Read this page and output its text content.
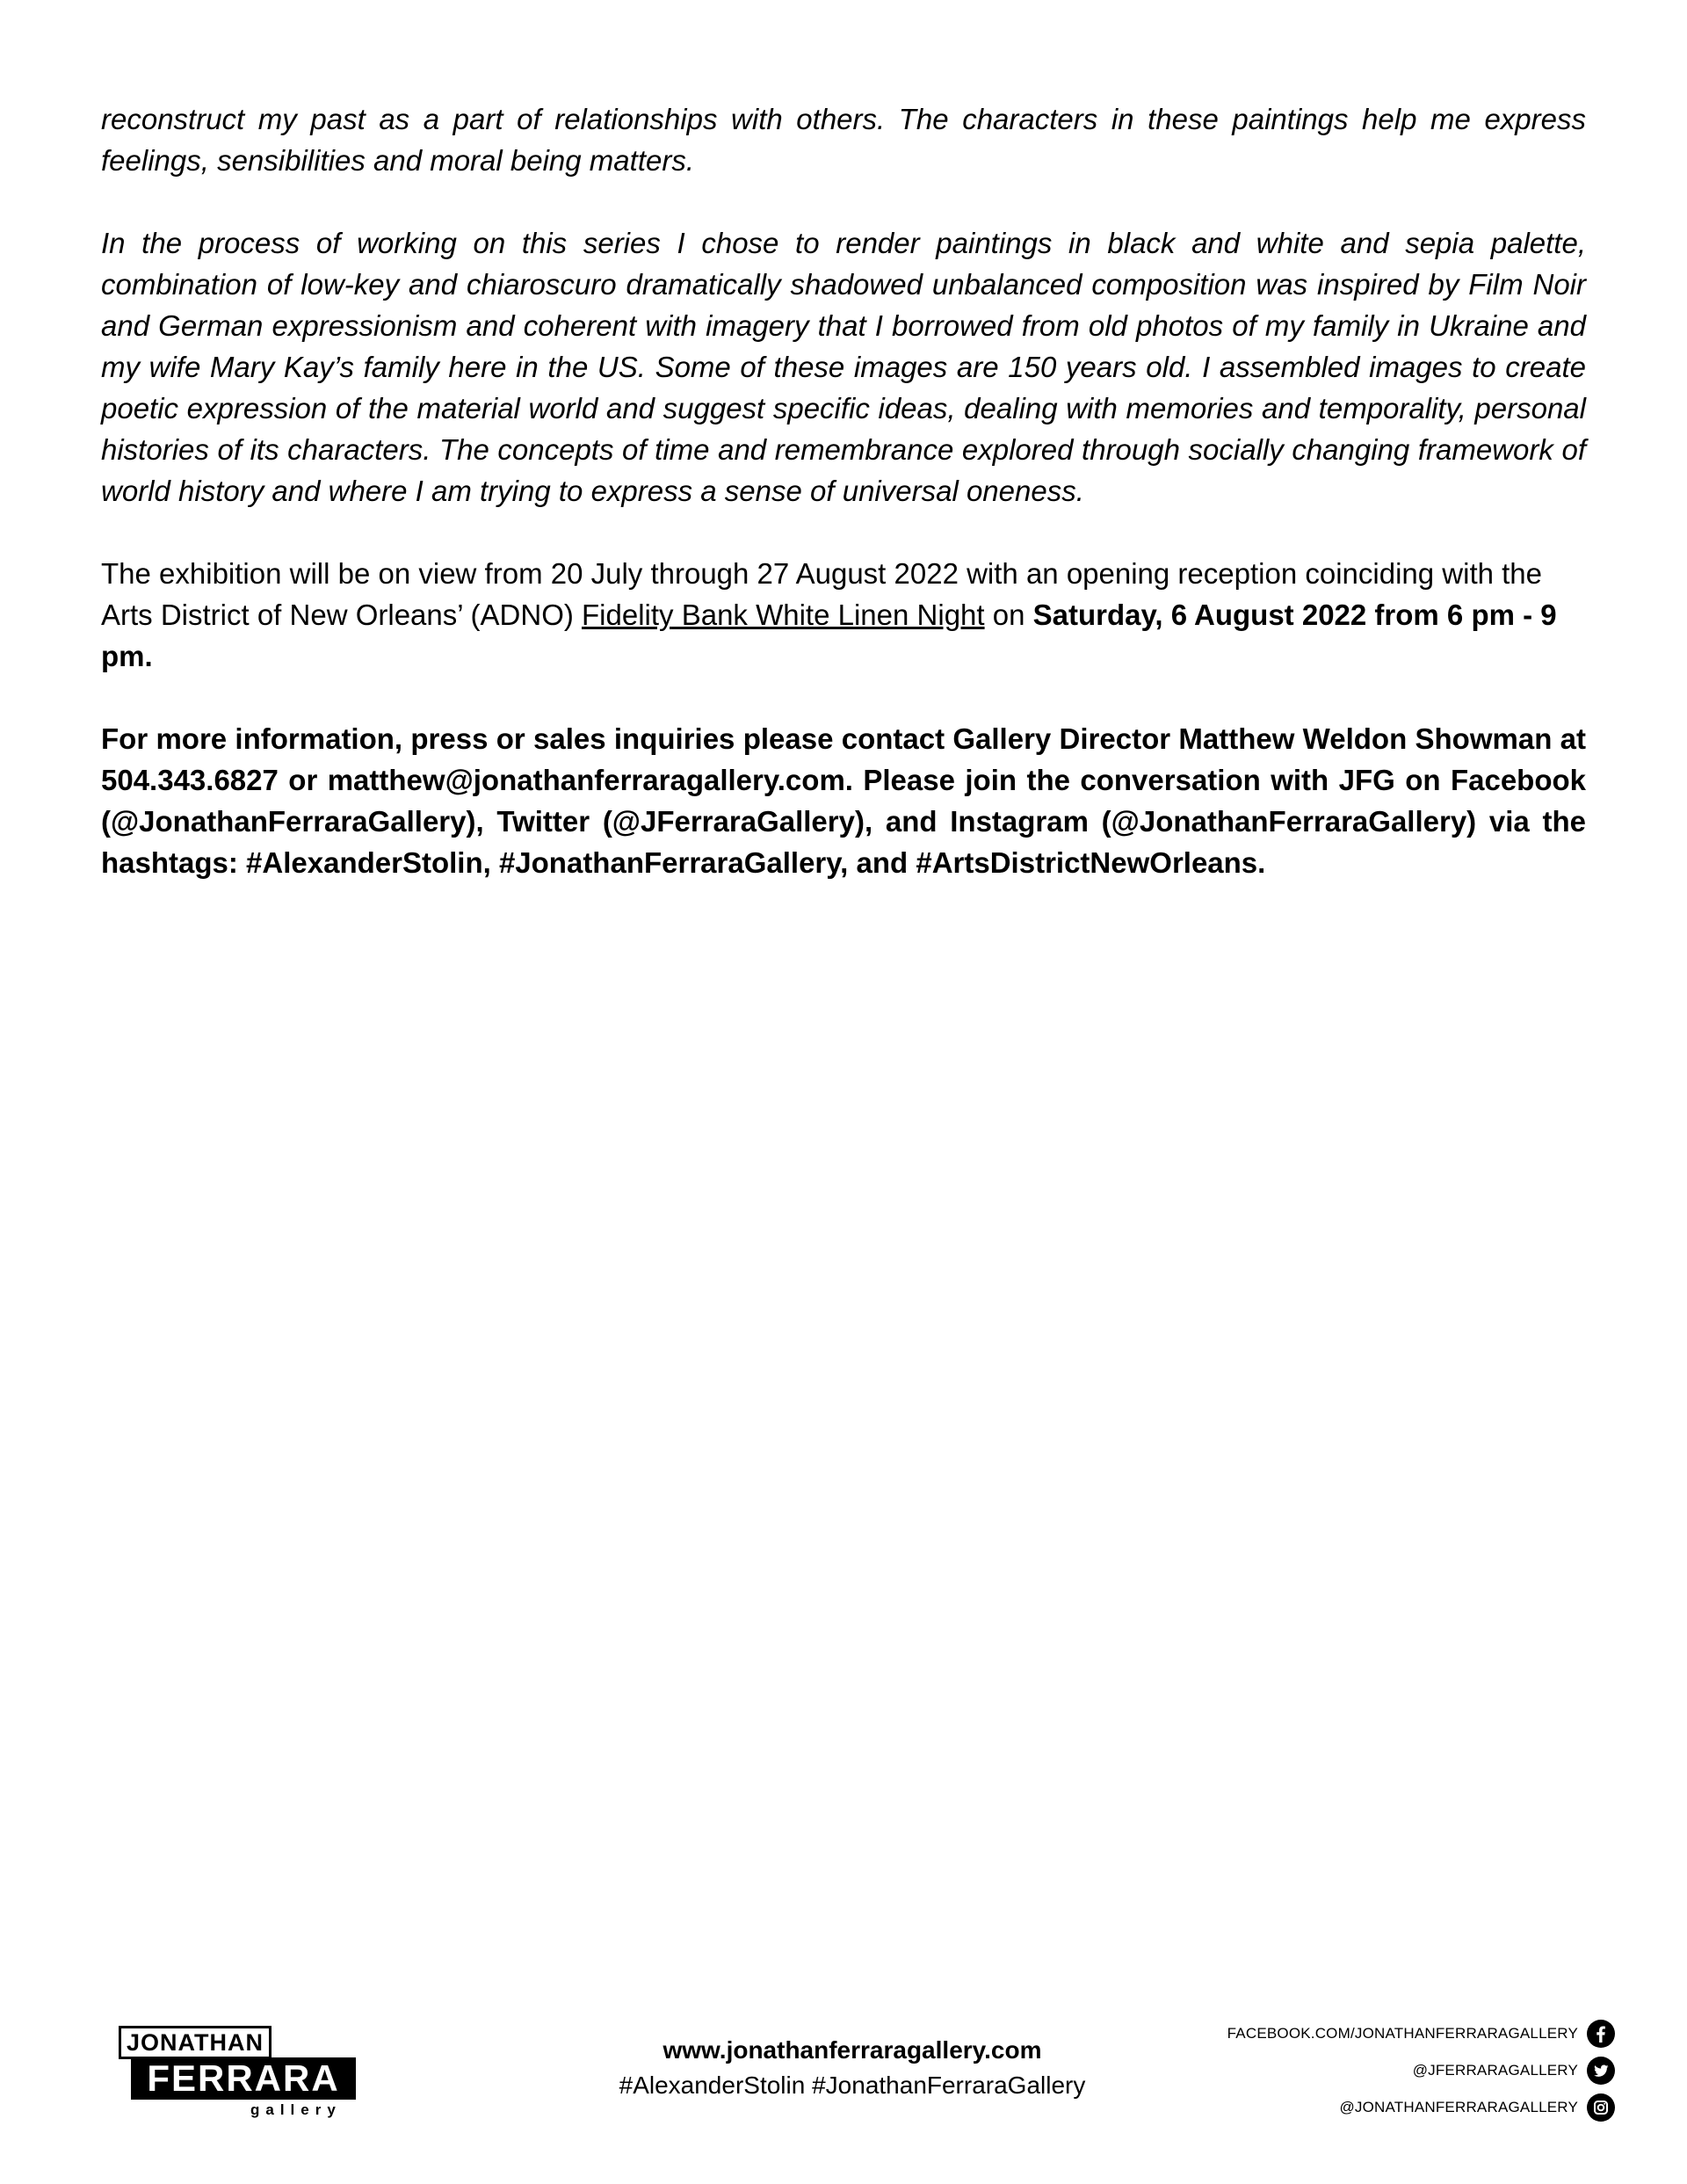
reconstruct my past as a part of relationships with others. The characters in these paintings help me express feelings, sensibilities and moral being matters.

In the process of working on this series I chose to render paintings in black and white and sepia palette, combination of low-key and chiaroscuro dramatically shadowed unbalanced composition was inspired by Film Noir and German expressionism and coherent with imagery that I borrowed from old photos of my family in Ukraine and my wife Mary Kay’s family here in the US. Some of these images are 150 years old. I assembled images to create poetic expression of the material world and suggest specific ideas, dealing with memories and temporality, personal histories of its characters. The concepts of time and remembrance explored through socially changing framework of world history and where I am trying to express a sense of universal oneness.

The exhibition will be on view from 20 July through 27 August 2022 with an opening reception coinciding with the Arts District of New Orleans’ (ADNO) Fidelity Bank White Linen Night on Saturday, 6 August 2022 from 6 pm - 9 pm.

For more information, press or sales inquiries please contact Gallery Director Matthew Weldon Showman at 504.343.6827 or matthew@jonathanferraragallery.com. Please join the conversation with JFG on Facebook (@JonathanFerraraGallery), Twitter (@JFerraraGallery), and Instagram (@JonathanFerraraGallery) via the hashtags: #AlexanderStolin, #JonathanFerraraGallery, and #ArtsDistrictNewOrleans.

JONATHAN
FERRARA
gallery
www.jonathanferraragallery.com
#AlexanderStolin #JonathanFerraraGallery
FACEBOOK.COM/JONATHANFERRARAGALLERY
@JFERRARAGALLERY
@JONATHANFERRARAGALLERY
